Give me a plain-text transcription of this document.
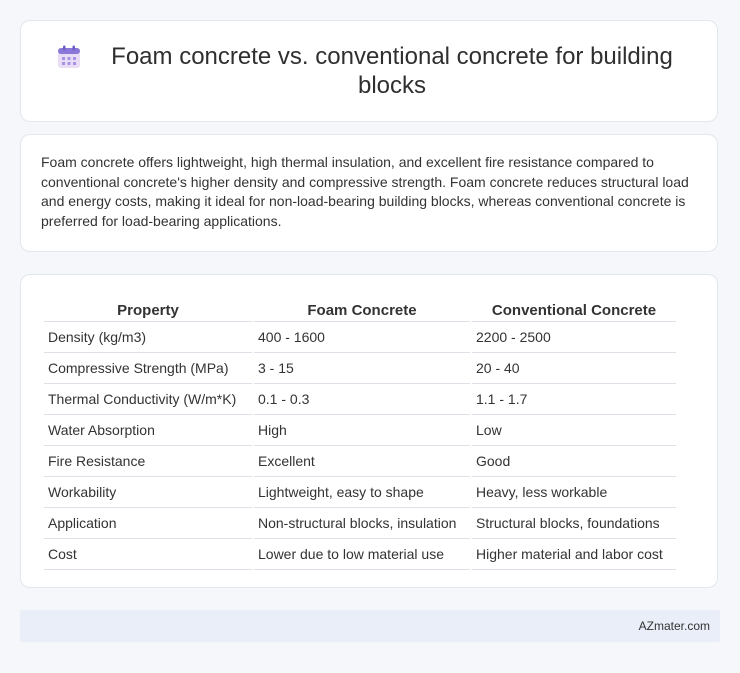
Foam concrete vs. conventional concrete for building blocks

Foam concrete offers lightweight, high thermal insulation, and excellent fire resistance compared to conventional concrete's higher density and compressive strength. Foam concrete reduces structural load and energy costs, making it ideal for non-load-bearing building blocks, whereas conventional concrete is preferred for load-bearing applications.

Property	Foam Concrete	Conventional Concrete
Density (kg/m3)	400 - 1600	2200 - 2500
Compressive Strength (MPa)	3 - 15	20 - 40
Thermal Conductivity (W/m*K)	0.1 - 0.3	1.1 - 1.7
Water Absorption	High	Low
Fire Resistance	Excellent	Good
Workability	Lightweight, easy to shape	Heavy, less workable
Application	Non-structural blocks, insulation	Structural blocks, foundations
Cost	Lower due to low material use	Higher material and labor cost
AZmater.com
